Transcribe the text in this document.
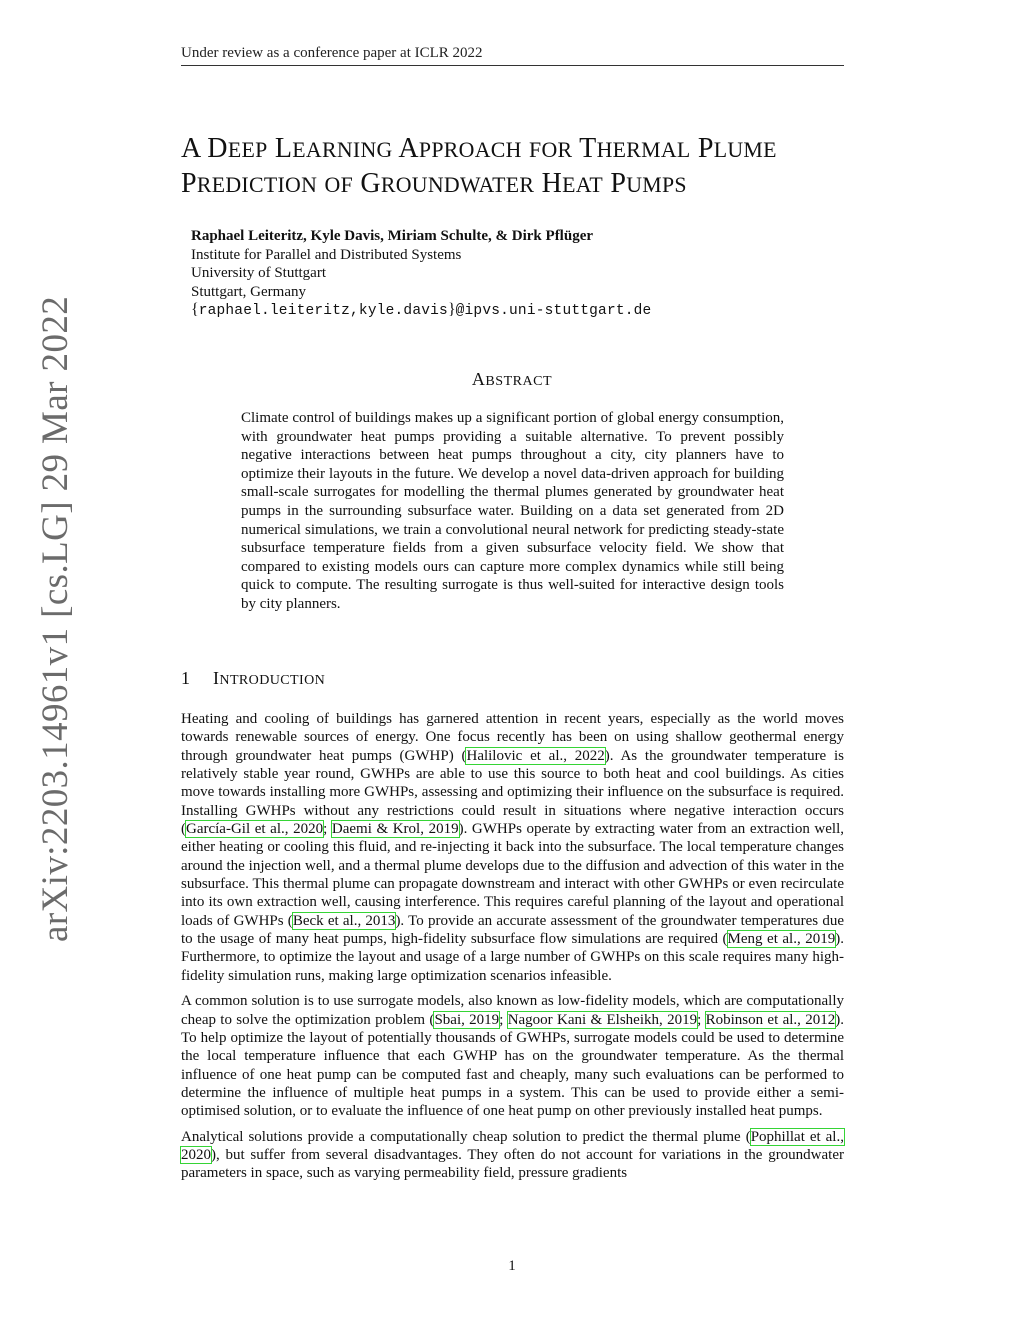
Under review as a conference paper at ICLR 2022
arXiv:2203.14961v1 [cs.LG] 29 Mar 2022
A DEEP LEARNING APPROACH FOR THERMAL PLUME
PREDICTION OF GROUNDWATER HEAT PUMPS
Raphael Leiteritz, Kyle Davis, Miriam Schulte, & Dirk Pflüger
Institute for Parallel and Distributed Systems
University of Stuttgart
Stuttgart, Germany
{raphael.leiteritz,kyle.davis}@ipvs.uni-stuttgart.de
ABSTRACT
Climate control of buildings makes up a significant portion of global energy consumption, with groundwater heat pumps providing a suitable alternative. To prevent possibly negative interactions between heat pumps throughout a city, city planners have to optimize their layouts in the future. We develop a novel data-driven approach for building small-scale surrogates for modelling the thermal plumes generated by groundwater heat pumps in the surrounding subsurface water. Building on a data set generated from 2D numerical simulations, we train a convolutional neural network for predicting steady-state subsurface temperature fields from a given subsurface velocity field. We show that compared to existing models ours can capture more complex dynamics while still being quick to compute. The resulting surrogate is thus well-suited for interactive design tools by city planners.
1 INTRODUCTION

Heating and cooling of buildings has garnered attention in recent years, especially as the world moves towards renewable sources of energy. One focus recently has been on using shallow geothermal energy through groundwater heat pumps (GWHP) (Halilovic et al., 2022). As the groundwater temperature is relatively stable year round, GWHPs are able to use this source to both heat and cool buildings. As cities move towards installing more GWHPs, assessing and optimizing their influence on the subsurface is required. Installing GWHPs without any restrictions could result in situations where negative interaction occurs (García-Gil et al., 2020; Daemi & Krol, 2019). GWHPs operate by extracting water from an extraction well, either heating or cooling this fluid, and re-injecting it back into the subsurface. The local temperature changes around the injection well, and a thermal plume develops due to the diffusion and advection of this water in the subsurface. This thermal plume can propagate downstream and interact with other GWHPs or even recirculate into its own extraction well, causing interference. This requires careful planning of the layout and operational loads of GWHPs (Beck et al., 2013). To provide an accurate assessment of the groundwater temperatures due to the usage of many heat pumps, high-fidelity subsurface flow simulations are required (Meng et al., 2019). Furthermore, to optimize the layout and usage of a large number of GWHPs on this scale requires many high-fidelity simulation runs, making large optimization scenarios infeasible.

A common solution is to use surrogate models, also known as low-fidelity models, which are computationally cheap to solve the optimization problem (Sbai, 2019; Nagoor Kani & Elsheikh, 2019; Robinson et al., 2012). To help optimize the layout of potentially thousands of GWHPs, surrogate models could be used to determine the local temperature influence that each GWHP has on the groundwater temperature. As the thermal influence of one heat pump can be computed fast and cheaply, many such evaluations can be performed to determine the influence of multiple heat pumps in a system. This can be used to provide either a semi-optimised solution, or to evaluate the influence of one heat pump on other previously installed heat pumps.

Analytical solutions provide a computationally cheap solution to predict the thermal plume (Pophillat et al., 2020), but suffer from several disadvantages. They often do not account for variations in the groundwater parameters in space, such as varying permeability field, pressure gradients

1
